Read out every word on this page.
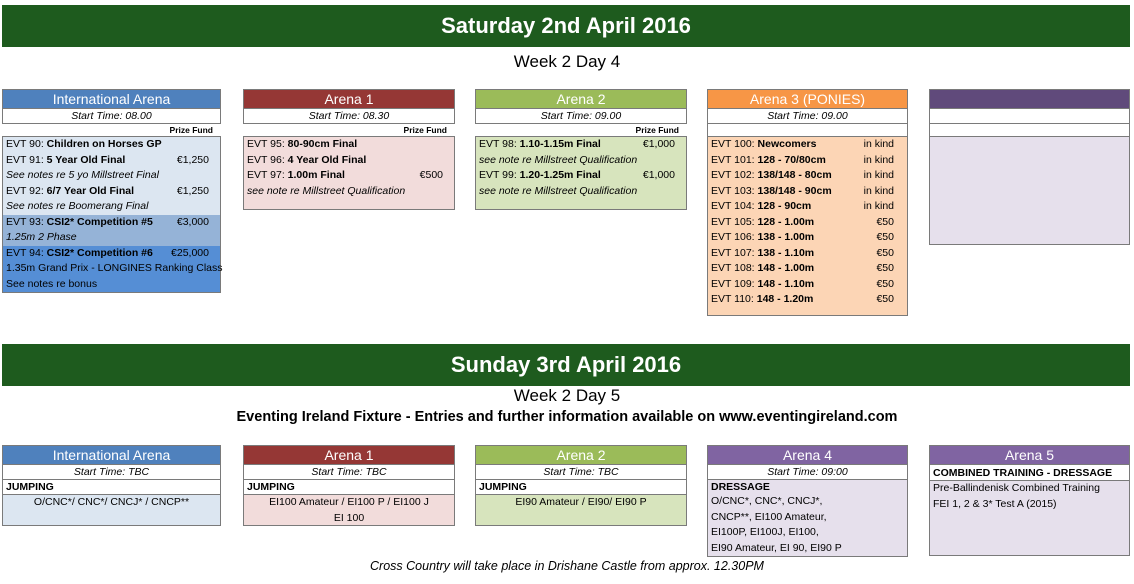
Saturday 2nd April 2016
Week 2 Day 4
International Arena
Start Time: 08.00
Prize Fund
EVT 90: Children on Horses GP
EVT 91: 5 Year Old Final	€1,250
See notes re 5 yo Millstreet Final
EVT 92: 6/7 Year Old Final	€1,250
See notes re Boomerang Final
EVT 93: CSI2* Competition #5 €3,000
1.25m 2 Phase
EVT 94: CSI2* Competition #6 €25,000
1.35m Grand Prix - LONGINES Ranking Class
See notes re bonus
Arena 1
Start Time: 08.30
Prize Fund
EVT 95: 80-90cm Final
EVT 96: 4 Year Old Final
EVT 97: 1.00m Final	€500
see note re Millstreet Qualification
Arena 2
Start Time: 09.00
Prize Fund
EVT 98: 1.10-1.15m Final	€1,000
see note re Millstreet Qualification
EVT 99: 1.20-1.25m Final	€1,000
see note re Millstreet Qualification
Arena 3 (PONIES)
Start Time: 09.00
EVT 100: Newcomers	in kind
EVT 101: 128 - 70/80cm	in kind
EVT 102: 138/148 - 80cm	in kind
EVT 103: 138/148 - 90cm	in kind
EVT 104: 128 - 90cm	in kind
EVT 105: 128 - 1.00m	€50
EVT 106: 138 - 1.00m	€50
EVT 107: 138 - 1.10m	€50
EVT 108: 148 - 1.00m	€50
EVT 109: 148 - 1.10m	€50
EVT 110: 148 - 1.20m	€50
Sunday 3rd April 2016
Week 2 Day 5
Eventing Ireland Fixture - Entries and further information available on www.eventingireland.com
International Arena
Start Time: TBC
JUMPING
O/CNC*/ CNC*/ CNCJ* / CNCP**
Arena 1
Start Time: TBC
JUMPING
EI100 Amateur / EI100 P / EI100 J
EI 100
Arena 2
Start Time: TBC
JUMPING
EI90 Amateur / EI90/ EI90 P
Arena 4
Start Time: 09:00
DRESSAGE
O/CNC*, CNC*, CNCJ*,
CNCP**, EI100 Amateur,
EI100P, EI100J, EI100,
EI90 Amateur, EI 90, EI90 P
Arena 5
COMBINED TRAINING - DRESSAGE
Pre-Ballindenisk Combined Training
FEI 1, 2 & 3* Test A (2015)
Cross Country will take place in Drishane Castle from approx. 12.30PM
